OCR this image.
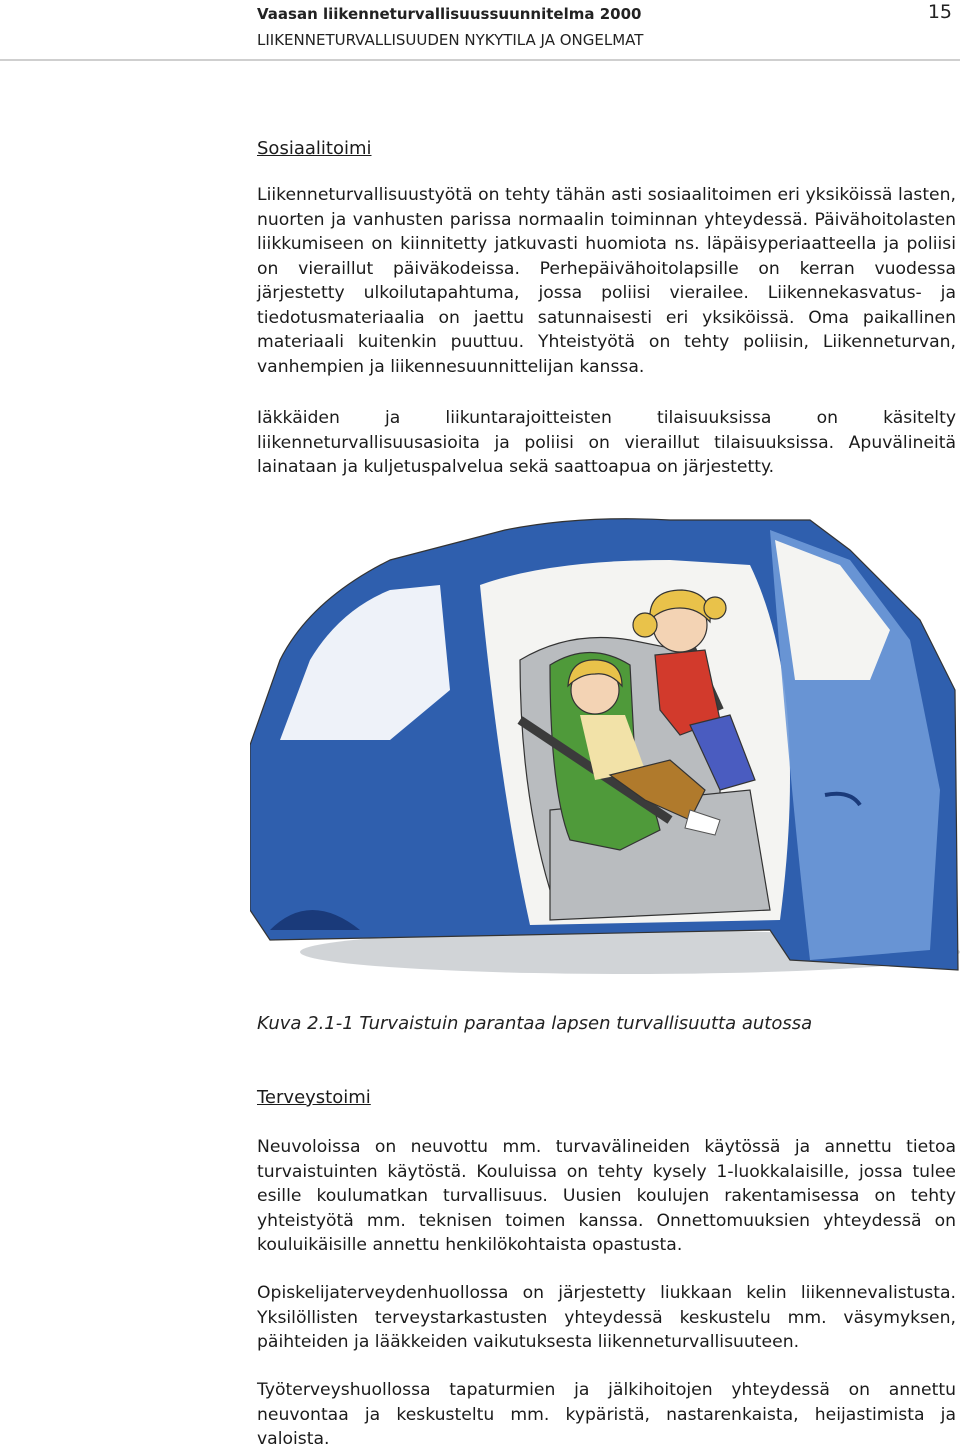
Vaasan liikenneturvallisuussuunnitelma 2000
LIIKENNETURVALLISUUDEN NYKYTILA JA ONGELMAT
15
Sosiaalitoimi

Liikenneturvallisuustyötä on tehty tähän asti sosiaalitoimen eri yksiköissä lasten, nuorten ja vanhusten parissa normaalin toiminnan yhteydessä. Päivähoitolasten liikkumiseen on kiinnitetty jatkuvasti huomiota ns. läpäisyperiaatteella ja poliisi on vieraillut päiväkodeissa. Perhepäivähoitolapsille on kerran vuodessa järjestetty ulkoilutapahtuma, jossa poliisi vierailee. Liikennekasvatus- ja tiedotusmateriaalia on jaettu satunnaisesti eri yksiköissä. Oma paikallinen materiaali kuitenkin puuttuu. Yhteistyötä on tehty poliisin, Liikenneturvan, vanhempien ja liikennesuunnittelijan kanssa.

Iäkkäiden ja liikuntarajoitteisten tilaisuuksissa on käsitelty liikenneturvallisuusasioita ja poliisi on vieraillut tilaisuuksissa. Apuvälineitä lainataan ja kuljetuspalvelua sekä saattoapua on järjestetty.

Kuva 2.1-1 Turvaistuin parantaa lapsen turvallisuutta autossa
Terveystoimi

Neuvoloissa on neuvottu mm. turvavälineiden käytössä ja annettu tietoa turvaistuinten käytöstä. Kouluissa on tehty kysely 1-luokkalaisille, jossa tulee esille koulumatkan turvallisuus. Uusien koulujen rakentamisessa on tehty yhteistyötä mm. teknisen toimen kanssa. Onnettomuuksien yhteydessä on kouluikäisille annettu henkilökohtaista opastusta.

Opiskelijaterveydenhuollossa on järjestetty liukkaan kelin liikennevalistusta. Yksilöllisten terveystarkastusten yhteydessä keskustelu mm. väsymyksen, päihteiden ja lääkkeiden vaikutuksesta liikenneturvallisuuteen.

Työterveyshuollossa tapaturmien ja jälkihoitojen yhteydessä on annettu neuvontaa ja keskusteltu mm. kypäristä, nastarenkaista, heijastimista ja valoista.
